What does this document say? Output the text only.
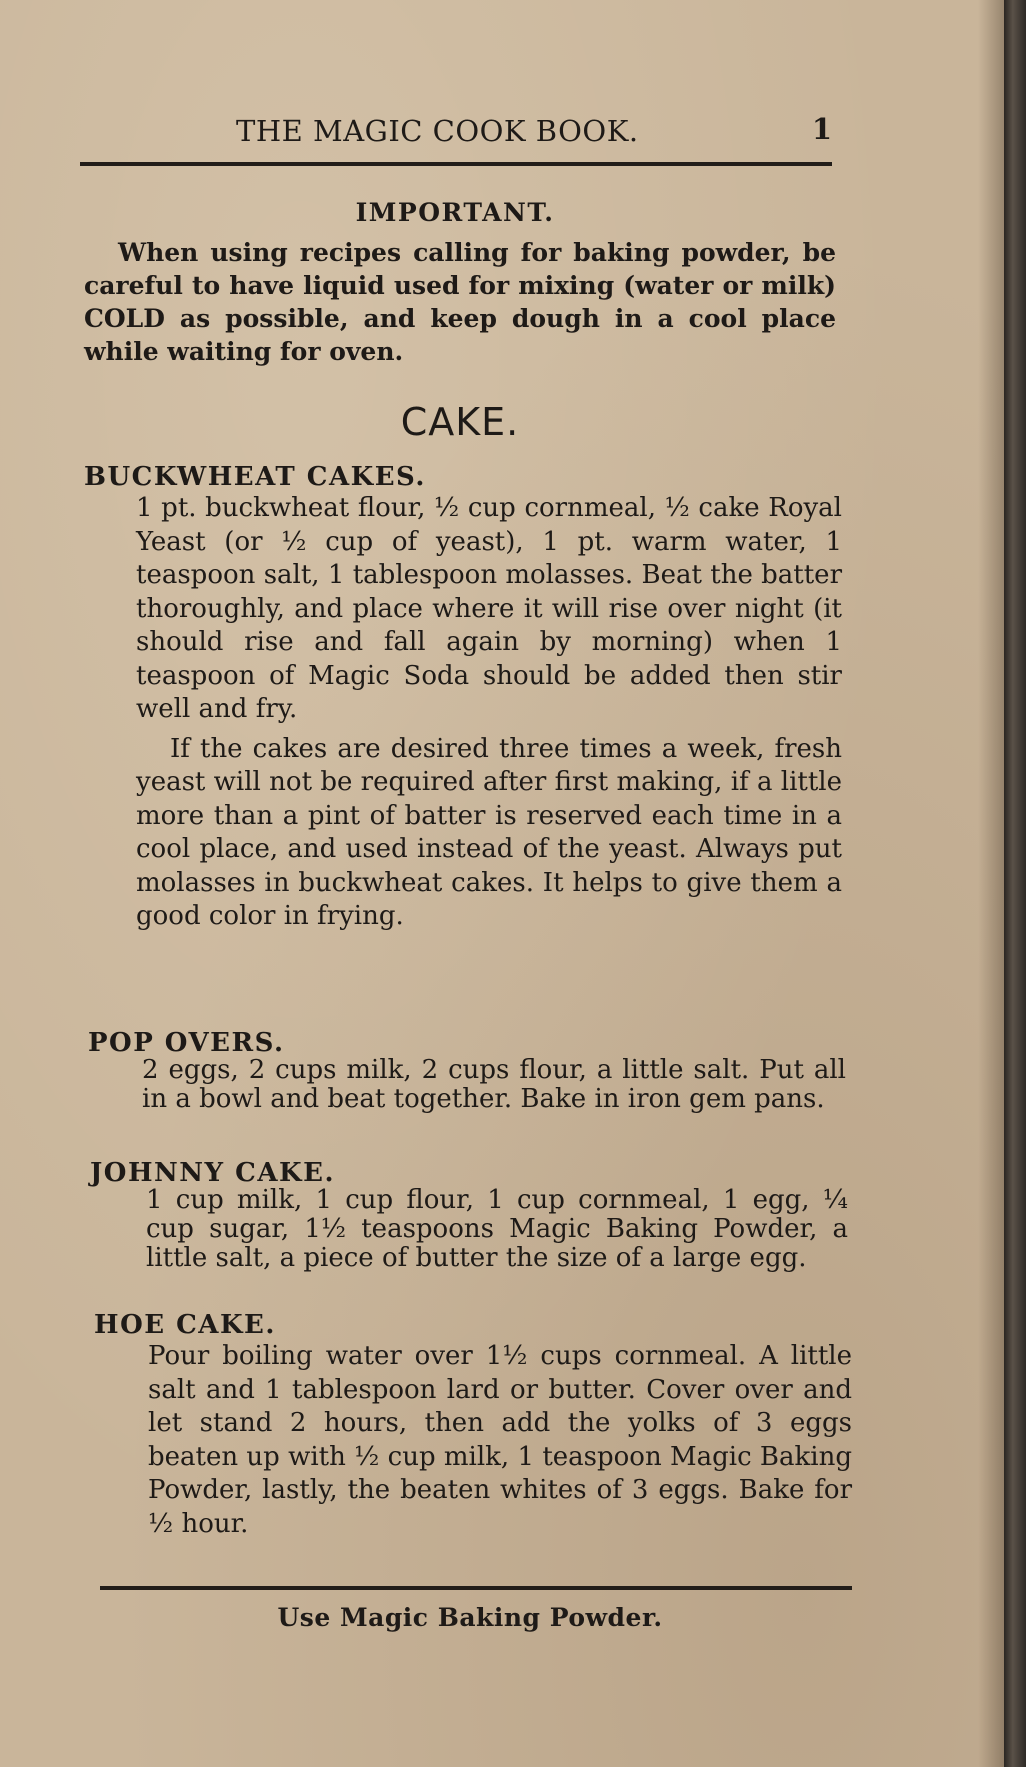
THE MAGIC COOK BOOK.	1
IMPORTANT.
When using recipes calling for baking powder, be careful to have liquid used for mixing (water or milk) COLD as possible, and keep dough in a cool place while waiting for oven.
CAKE.
BUCKWHEAT CAKES.
1 pt. buckwheat flour, ½ cup cornmeal, ½ cake Royal Yeast (or ½ cup of yeast), 1 pt. warm water, 1 teaspoon salt, 1 tablespoon molasses. Beat the batter thoroughly, and place where it will rise over night (it should rise and fall again by morning) when 1 teaspoon of Magic Soda should be added then stir well and fry.
If the cakes are desired three times a week, fresh yeast will not be required after first making, if a little more than a pint of batter is reserved each time in a cool place, and used instead of the yeast. Always put molasses in buckwheat cakes. It helps to give them a good color in frying.
POP OVERS.
2 eggs, 2 cups milk, 2 cups flour, a little salt. Put all in a bowl and beat together. Bake in iron gem pans.
JOHNNY CAKE.
1 cup milk, 1 cup flour, 1 cup cornmeal, 1 egg, ¼ cup sugar, 1½ teaspoons Magic Baking Powder, a little salt, a piece of butter the size of a large egg.
HOE CAKE.
Pour boiling water over 1½ cups cornmeal. A little salt and 1 tablespoon lard or butter. Cover over and let stand 2 hours, then add the yolks of 3 eggs beaten up with ½ cup milk, 1 teaspoon Magic Baking Powder, lastly, the beaten whites of 3 eggs. Bake for ½ hour.
Use Magic Baking Powder.
